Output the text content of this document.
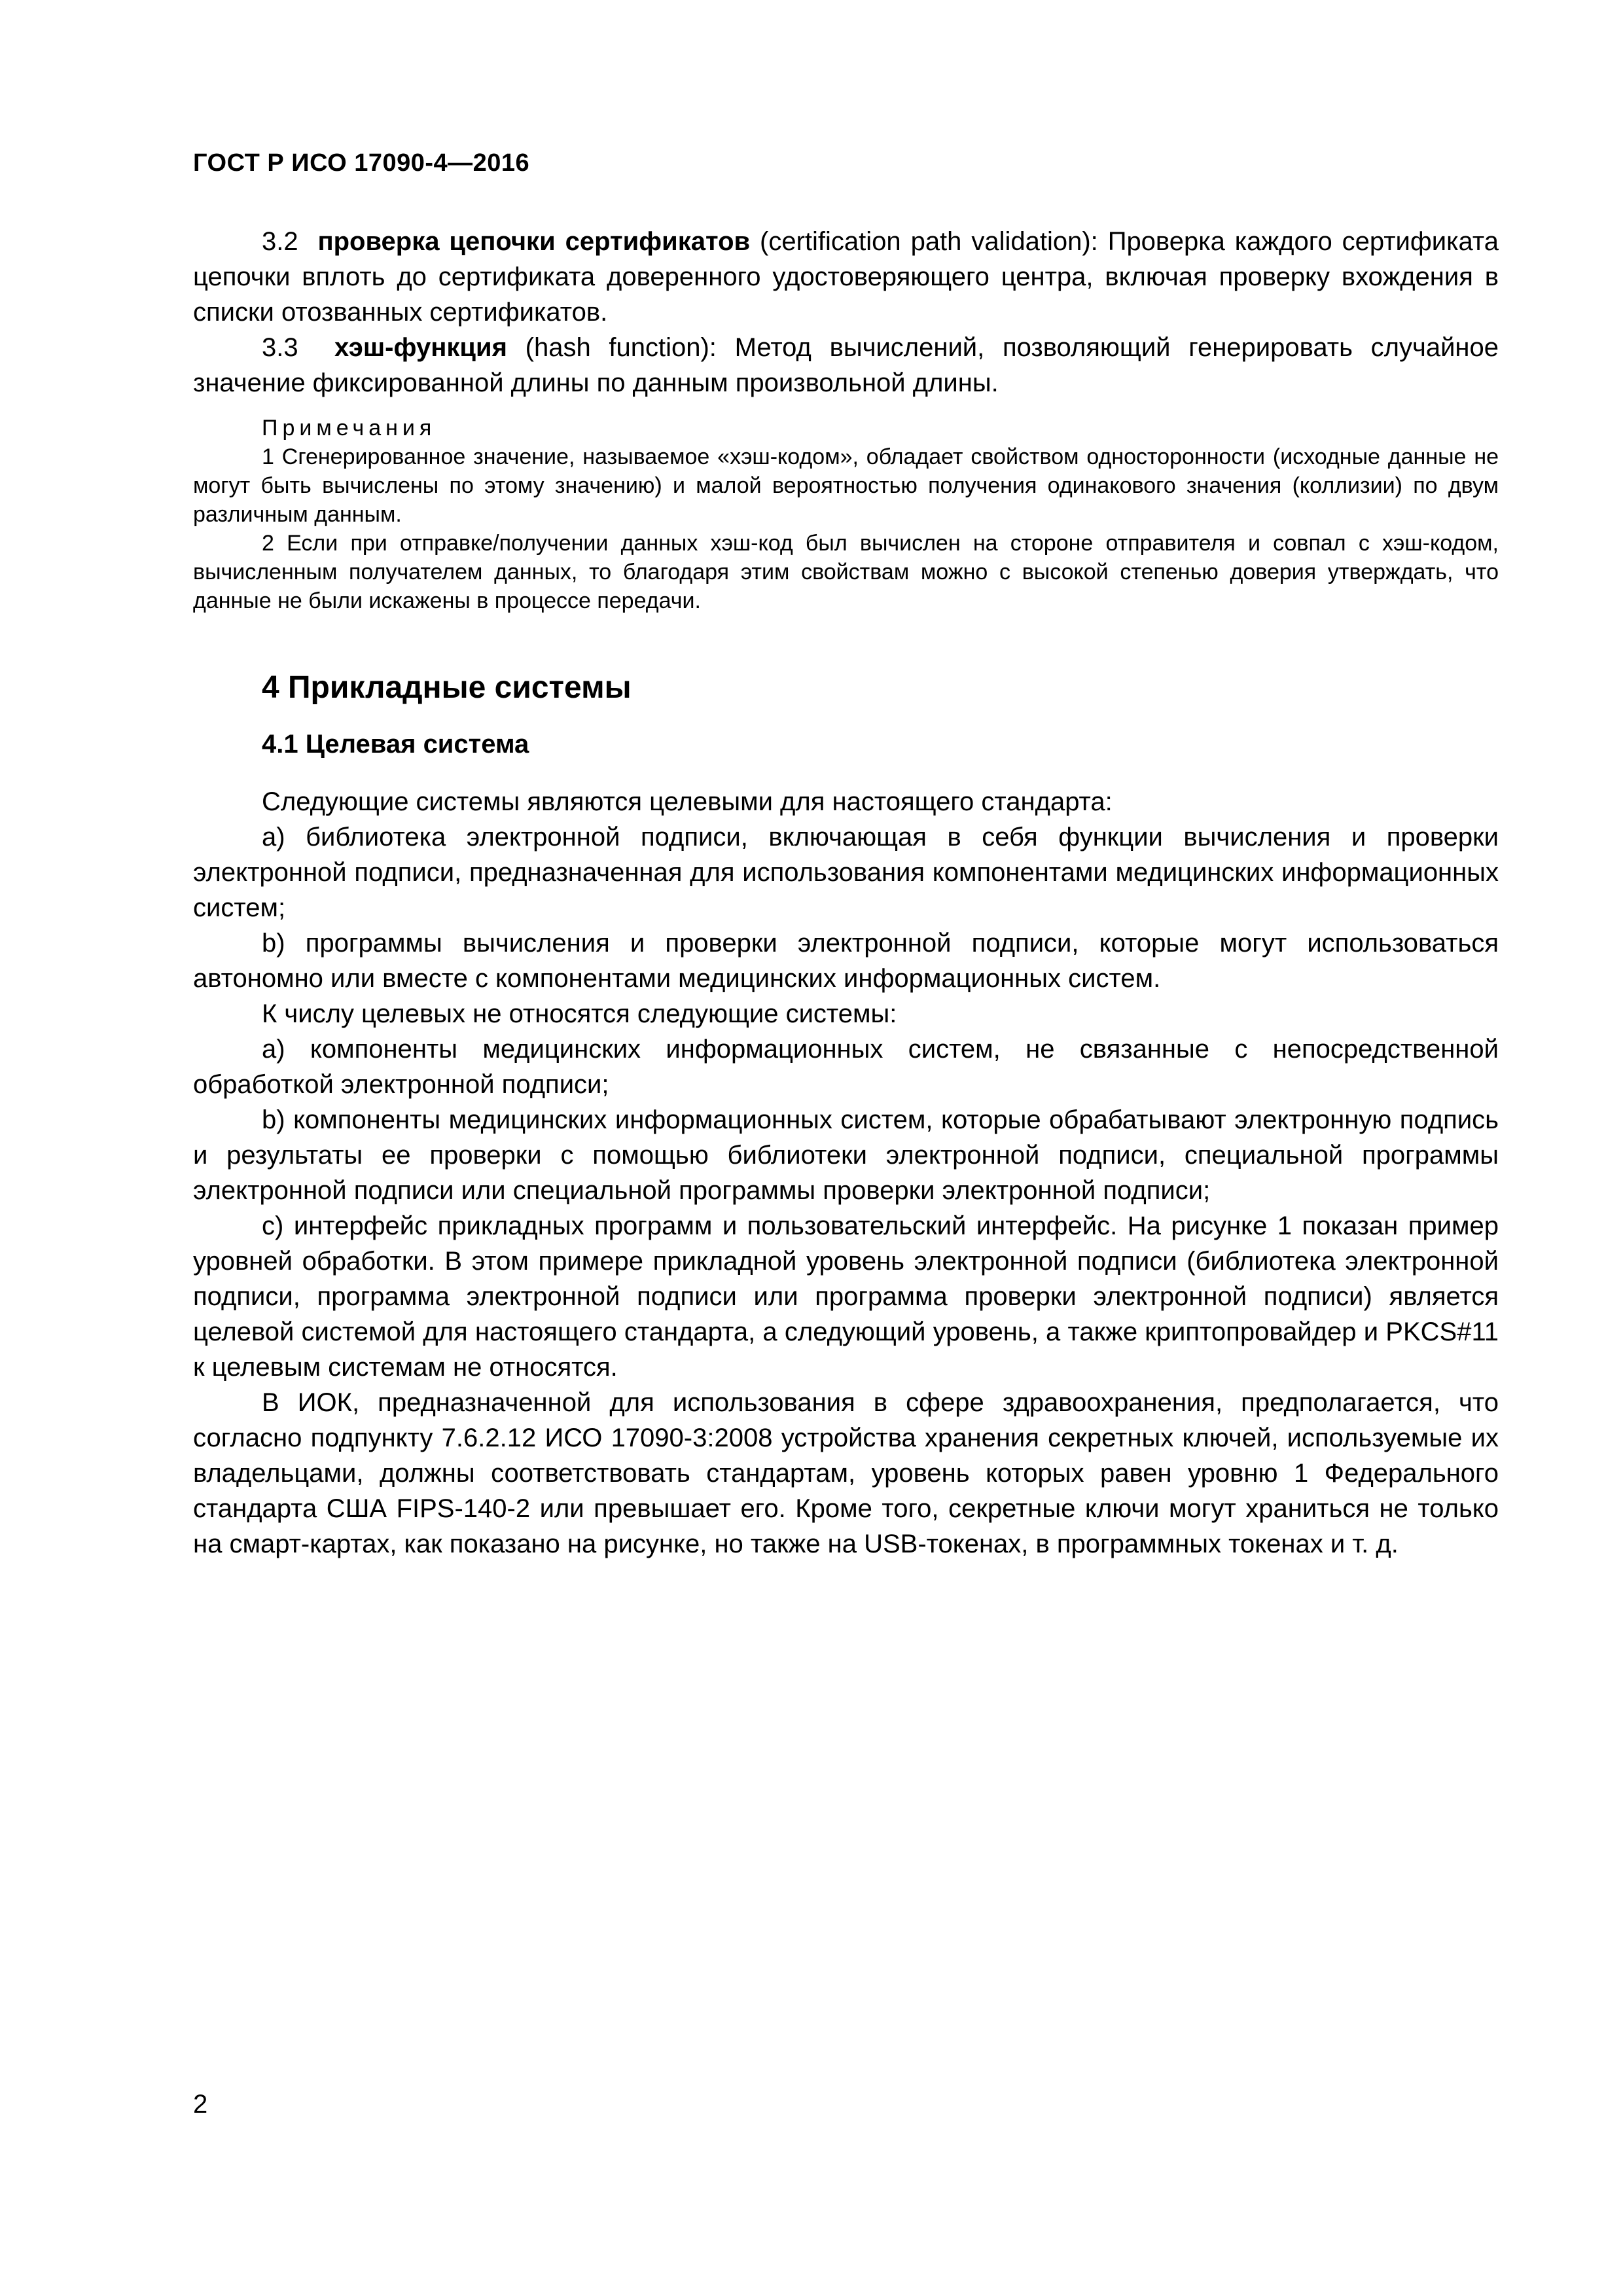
ГОСТ Р ИСО 17090-4—2016

3.2 проверка цепочки сертификатов (certification path validation): Проверка каждого сертификата цепочки вплоть до сертификата доверенного удостоверяющего центра, включая проверку вхождения в списки отозванных сертификатов.

3.3 хэш-функция (hash function): Метод вычислений, позволяющий генерировать случайное значение фиксированной длины по данным произвольной длины.

Примечания

1 Сгенерированное значение, называемое «хэш-кодом», обладает свойством односторонности (исходные данные не могут быть вычислены по этому значению) и малой вероятностью получения одинакового значения (коллизии) по двум различным данным.

2 Если при отправке/получении данных хэш-код был вычислен на стороне отправителя и совпал с хэш-кодом, вычисленным получателем данных, то благодаря этим свойствам можно с высокой степенью доверия утверждать, что данные не были искажены в процессе передачи.

4 Прикладные системы
4.1 Целевая система

Следующие системы являются целевыми для настоящего стандарта:

a) библиотека электронной подписи, включающая в себя функции вычисления и проверки электронной подписи, предназначенная для использования компонентами медицинских информационных систем;

b) программы вычисления и проверки электронной подписи, которые могут использоваться автономно или вместе с компонентами медицинских информационных систем.

К числу целевых не относятся следующие системы:

a) компоненты медицинских информационных систем, не связанные с непосредственной обработкой электронной подписи;

b) компоненты медицинских информационных систем, которые обрабатывают электронную подпись и результаты ее проверки с помощью библиотеки электронной подписи, специальной программы электронной подписи или специальной программы проверки электронной подписи;

c) интерфейс прикладных программ и пользовательский интерфейс. На рисунке 1 показан пример уровней обработки. В этом примере прикладной уровень электронной подписи (библиотека электронной подписи, программа электронной подписи или программа проверки электронной подписи) является целевой системой для настоящего стандарта, а следующий уровень, а также криптопровайдер и PKCS#11 к целевым системам не относятся.

В ИОК, предназначенной для использования в сфере здравоохранения, предполагается, что согласно подпункту 7.6.2.12 ИСО 17090-3:2008 устройства хранения секретных ключей, используемые их владельцами, должны соответствовать стандартам, уровень которых равен уровню 1 Федерального стандарта США FIPS-140-2 или превышает его. Кроме того, секретные ключи могут храниться не только на смарт-картах, как показано на рисунке, но также на USB-токенах, в программных токенах и т. д.

2
